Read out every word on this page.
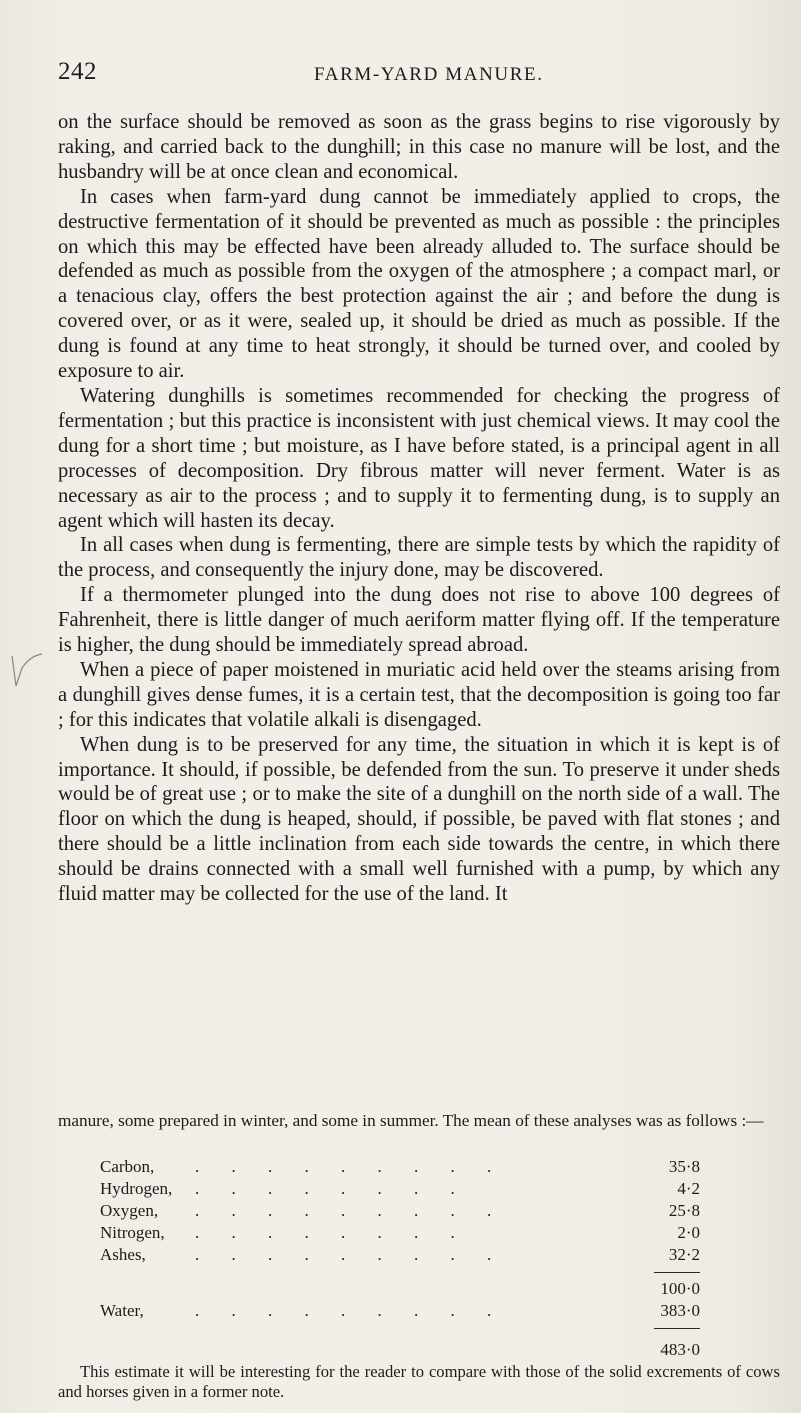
242	FARM-YARD MANURE.

on the surface should be removed as soon as the grass begins to rise vigorously by raking, and carried back to the dunghill; in this case no manure will be lost, and the husbandry will be at once clean and economical.

In cases when farm-yard dung cannot be immediately applied to crops, the destructive fermentation of it should be prevented as much as possible : the principles on which this may be effected have been already alluded to. The surface should be defended as much as possible from the oxygen of the atmosphere ; a compact marl, or a tenacious clay, offers the best protection against the air ; and before the dung is covered over, or as it were, sealed up, it should be dried as much as possible. If the dung is found at any time to heat strongly, it should be turned over, and cooled by exposure to air.

Watering dunghills is sometimes recommended for checking the progress of fermentation ; but this practice is inconsistent with just chemical views. It may cool the dung for a short time ; but moisture, as I have before stated, is a principal agent in all processes of decomposition. Dry fibrous matter will never ferment. Water is as necessary as air to the process ; and to supply it to fermenting dung, is to supply an agent which will hasten its decay.

In all cases when dung is fermenting, there are simple tests by which the rapidity of the process, and consequently the injury done, may be discovered.

If a thermometer plunged into the dung does not rise to above 100 degrees of Fahrenheit, there is little danger of much aeriform matter flying off. If the temperature is higher, the dung should be immediately spread abroad.

When a piece of paper moistened in muriatic acid held over the steams arising from a dunghill gives dense fumes, it is a certain test, that the decomposition is going too far ; for this indicates that volatile alkali is disengaged.

When dung is to be preserved for any time, the situation in which it is kept is of importance. It should, if possible, be defended from the sun. To preserve it under sheds would be of great use ; or to make the site of a dunghill on the north side of a wall. The floor on which the dung is heaped, should, if possible, be paved with flat stones ; and there should be a little inclination from each side towards the centre, in which there should be drains connected with a small well furnished with a pump, by which any fluid matter may be collected for the use of the land. It

manure, some prepared in winter, and some in summer. The mean of these analyses was as follows :—

Carbon, . . . . . . . . .	35·8
Hydrogen, . . . . . . . .	4·2
Oxygen, . . . . . . . . .	25·8
Nitrogen, . . . . . . . .	2·0
Ashes,	. . . . . . . . .	32·2
100·0
Water,	. . . . . . . . .	383·0
483·0
This estimate it will be interesting for the reader to compare with those of the solid excrements of cows and horses given in a former note.
